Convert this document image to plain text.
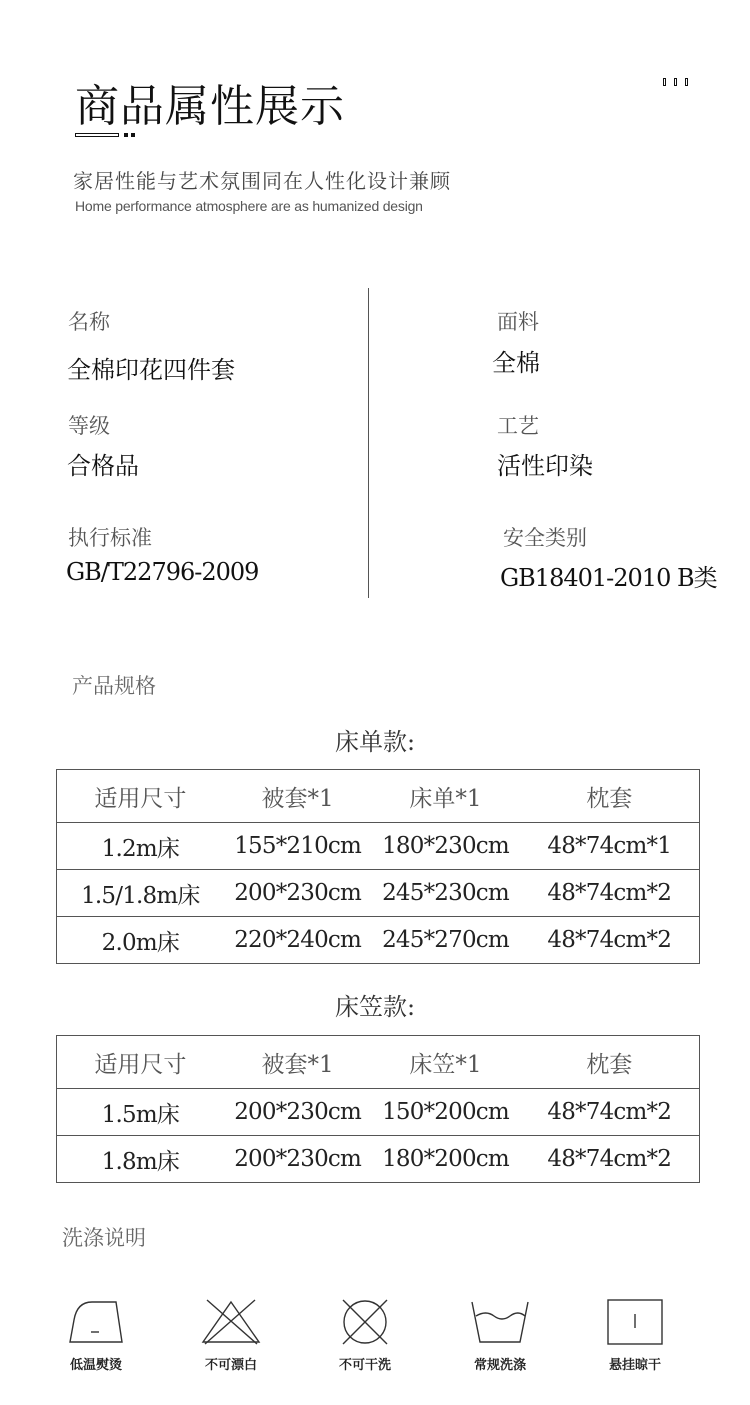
商品属性展示
家居性能与艺术氛围同在人性化设计兼顾
Home performance atmosphere are as humanized design
名称
全棉印花四件套
面料
全棉
等级
合格品
工艺
活性印染
执行标准
GB/T22796-2009
安全类别
GB18401-2010 B类
产品规格
床单款:
适用尺寸	被套*1	床单*1	枕套
1.2m床	155*210cm	180*230cm	48*74cm*1
1.5/1.8m床	200*230cm	245*230cm	48*74cm*2
2.0m床	220*240cm	245*270cm	48*74cm*2
床笠款:
适用尺寸	被套*1	床笠*1	枕套
1.5m床	200*230cm	150*200cm	48*74cm*2
1.8m床	200*230cm	180*200cm	48*74cm*2
洗涤说明
低温熨烫	不可漂白	不可干洗	常规洗涤	悬挂晾干
